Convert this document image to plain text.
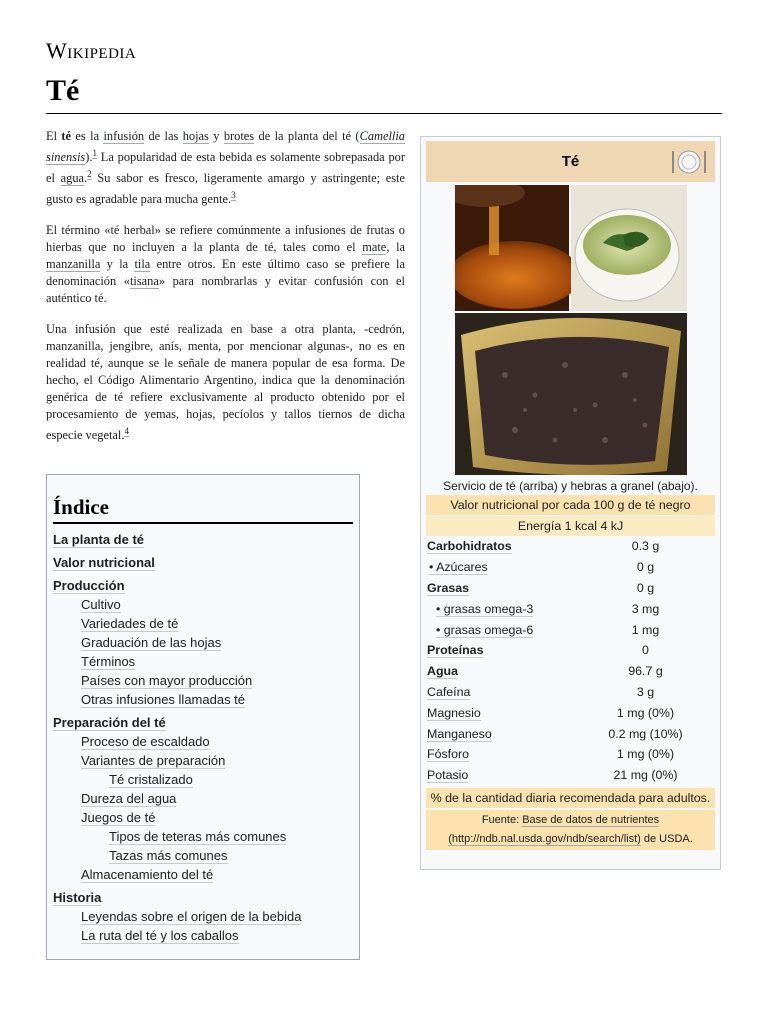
Wikipedia
Té

El té es la infusión de las hojas y brotes de la planta del té (Camellia sinensis).$^1$ La popularidad de esta bebida es solamente sobrepasada por el agua.$^2$ Su sabor es fresco, ligeramente amargo y astringente; este gusto es agradable para mucha gente.$^3$

El término «té herbal» se refiere comúnmente a infusiones de frutas o hierbas que no incluyen a la planta de té, tales como el mate, la manzanilla y la tila entre otros. En este último caso se prefiere la denominación «tisana» para nombrarlas y evitar confusión con el auténtico té.

Una infusión que esté realizada en base a otra planta, -cedrón, manzanilla, jengibre, anís, menta, por mencionar algunas-, no es en realidad té, aunque se le señale de manera popular de esa forma. De hecho, el Código Alimentario Argentino, indica que la denominación genérica de té refiere exclusivamente al producto obtenido por el procesamiento de yemas, hojas, pecíolos y tallos tiernos de dicha especie vegetal.$^4$

Índice
La planta de té
Valor nutricional
Producción
Cultivo
Variedades de té
Graduación de las hojas
Términos
Países con mayor producción
Otras infusiones llamadas té
Preparación del té
Proceso de escaldado
Variantes de preparación
Té cristalizado
Dureza del agua
Juegos de té
Tipos de teteras más comunes
Tazas más comunes
Almacenamiento del té
Historia
Leyendas sobre el origen de la bebida
La ruta del té y los caballos
Té
Servicio de té (arriba) y hebras a granel (abajo).
Valor nutricional por cada 100 g de té negro
Energía 1 kcal 4 kJ
Carbohidratos	0.3 g
• Azúcares	0 g
Grasas	0 g
• grasas omega-3	3 mg
• grasas omega-6	1 mg
Proteínas	0
Agua	96.7 g
Cafeína	3 g
Magnesio	1 mg (0%)
Manganeso	0.2 mg (10%)
Fósforo	1 mg (0%)
Potasio	21 mg (0%)
% de la cantidad diaria recomendada para adultos.
Fuente: Base de datos de nutrientes (http://ndb.nal.usda.gov/ndb/search/list) de USDA.
